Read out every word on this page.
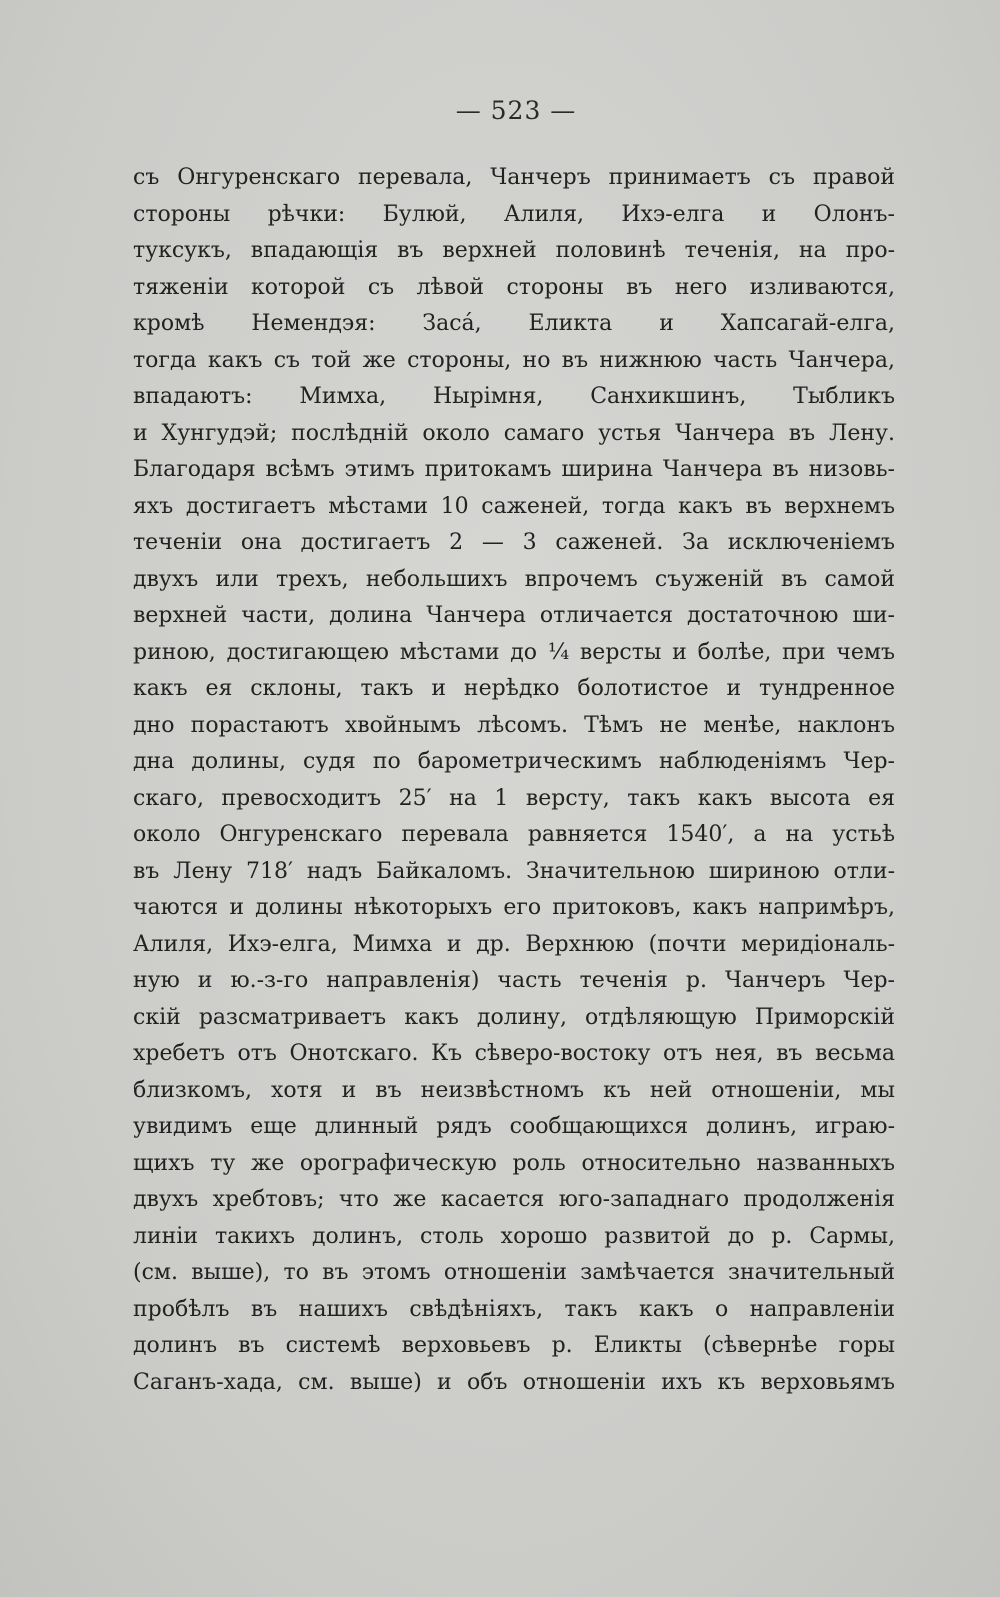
— 523 —
съ Онгуренскаго перевала, Чанчеръ принимаетъ съ правой
стороны рѣчки: Булюй, Алиля, Ихэ-елга и Олонъ-
туксукъ, впадающія въ верхней половинѣ теченія, на про-
тяженіи которой съ лѣвой стороны въ него изливаются,
кромѣ Немендэя: Засá, Еликта и Хапсагай-елга,
тогда какъ съ той же стороны, но въ нижнюю часть Чанчера,
впадаютъ: Мимха, Нырімня, Санхикшинъ, Тыбликъ
и Хунгудэй; послѣдній около самаго устья Чанчера въ Лену.
Благодаря всѣмъ этимъ притокамъ ширина Чанчера въ низовь-
яхъ достигаетъ мѣстами 10 саженей, тогда какъ въ верхнемъ
теченіи она достигаетъ 2 — 3 саженей. За исключеніемъ
двухъ или трехъ, небольшихъ впрочемъ съуженій въ самой
верхней части, долина Чанчера отличается достаточною ши-
риною, достигающею мѣстами до ¼ версты и болѣе, при чемъ
какъ ея склоны, такъ и нерѣдко болотистое и тундренное
дно порастаютъ хвойнымъ лѣсомъ. Тѣмъ не менѣе, наклонъ
дна долины, судя по барометрическимъ наблюденіямъ Чер-
скаго, превосходитъ 25′ на 1 версту, такъ какъ высота ея
около Онгуренскаго перевала равняется 1540′, а на устьѣ
въ Лену 718′ надъ Байкаломъ. Значительною шириною отли-
чаются и долины нѣкоторыхъ его притоковъ, какъ напримѣръ,
Алиля, Ихэ-елга, Мимха и др. Верхнюю (почти меридіональ-
ную и ю.-з-го направленія) часть теченія р. Чанчеръ Чер-
скій разсматриваетъ какъ долину, отдѣляющую Приморскій
хребетъ отъ Онотскаго. Къ сѣверо-востоку отъ нея, въ весьма
близкомъ, хотя и въ неизвѣстномъ къ ней отношеніи, мы
увидимъ еще длинный рядъ сообщающихся долинъ, играю-
щихъ ту же орографическую роль относительно названныхъ
двухъ хребтовъ; что же касается юго-западнаго продолженія
линіи такихъ долинъ, столь хорошо развитой до р. Сармы,
(см. выше), то въ этомъ отношеніи замѣчается значительный
пробѣлъ въ нашихъ свѣдѣніяхъ, такъ какъ о направленіи
долинъ въ системѣ верховьевъ р. Еликты (сѣвернѣе горы
Саганъ-хада, см. выше) и объ отношеніи ихъ къ верховьямъ
